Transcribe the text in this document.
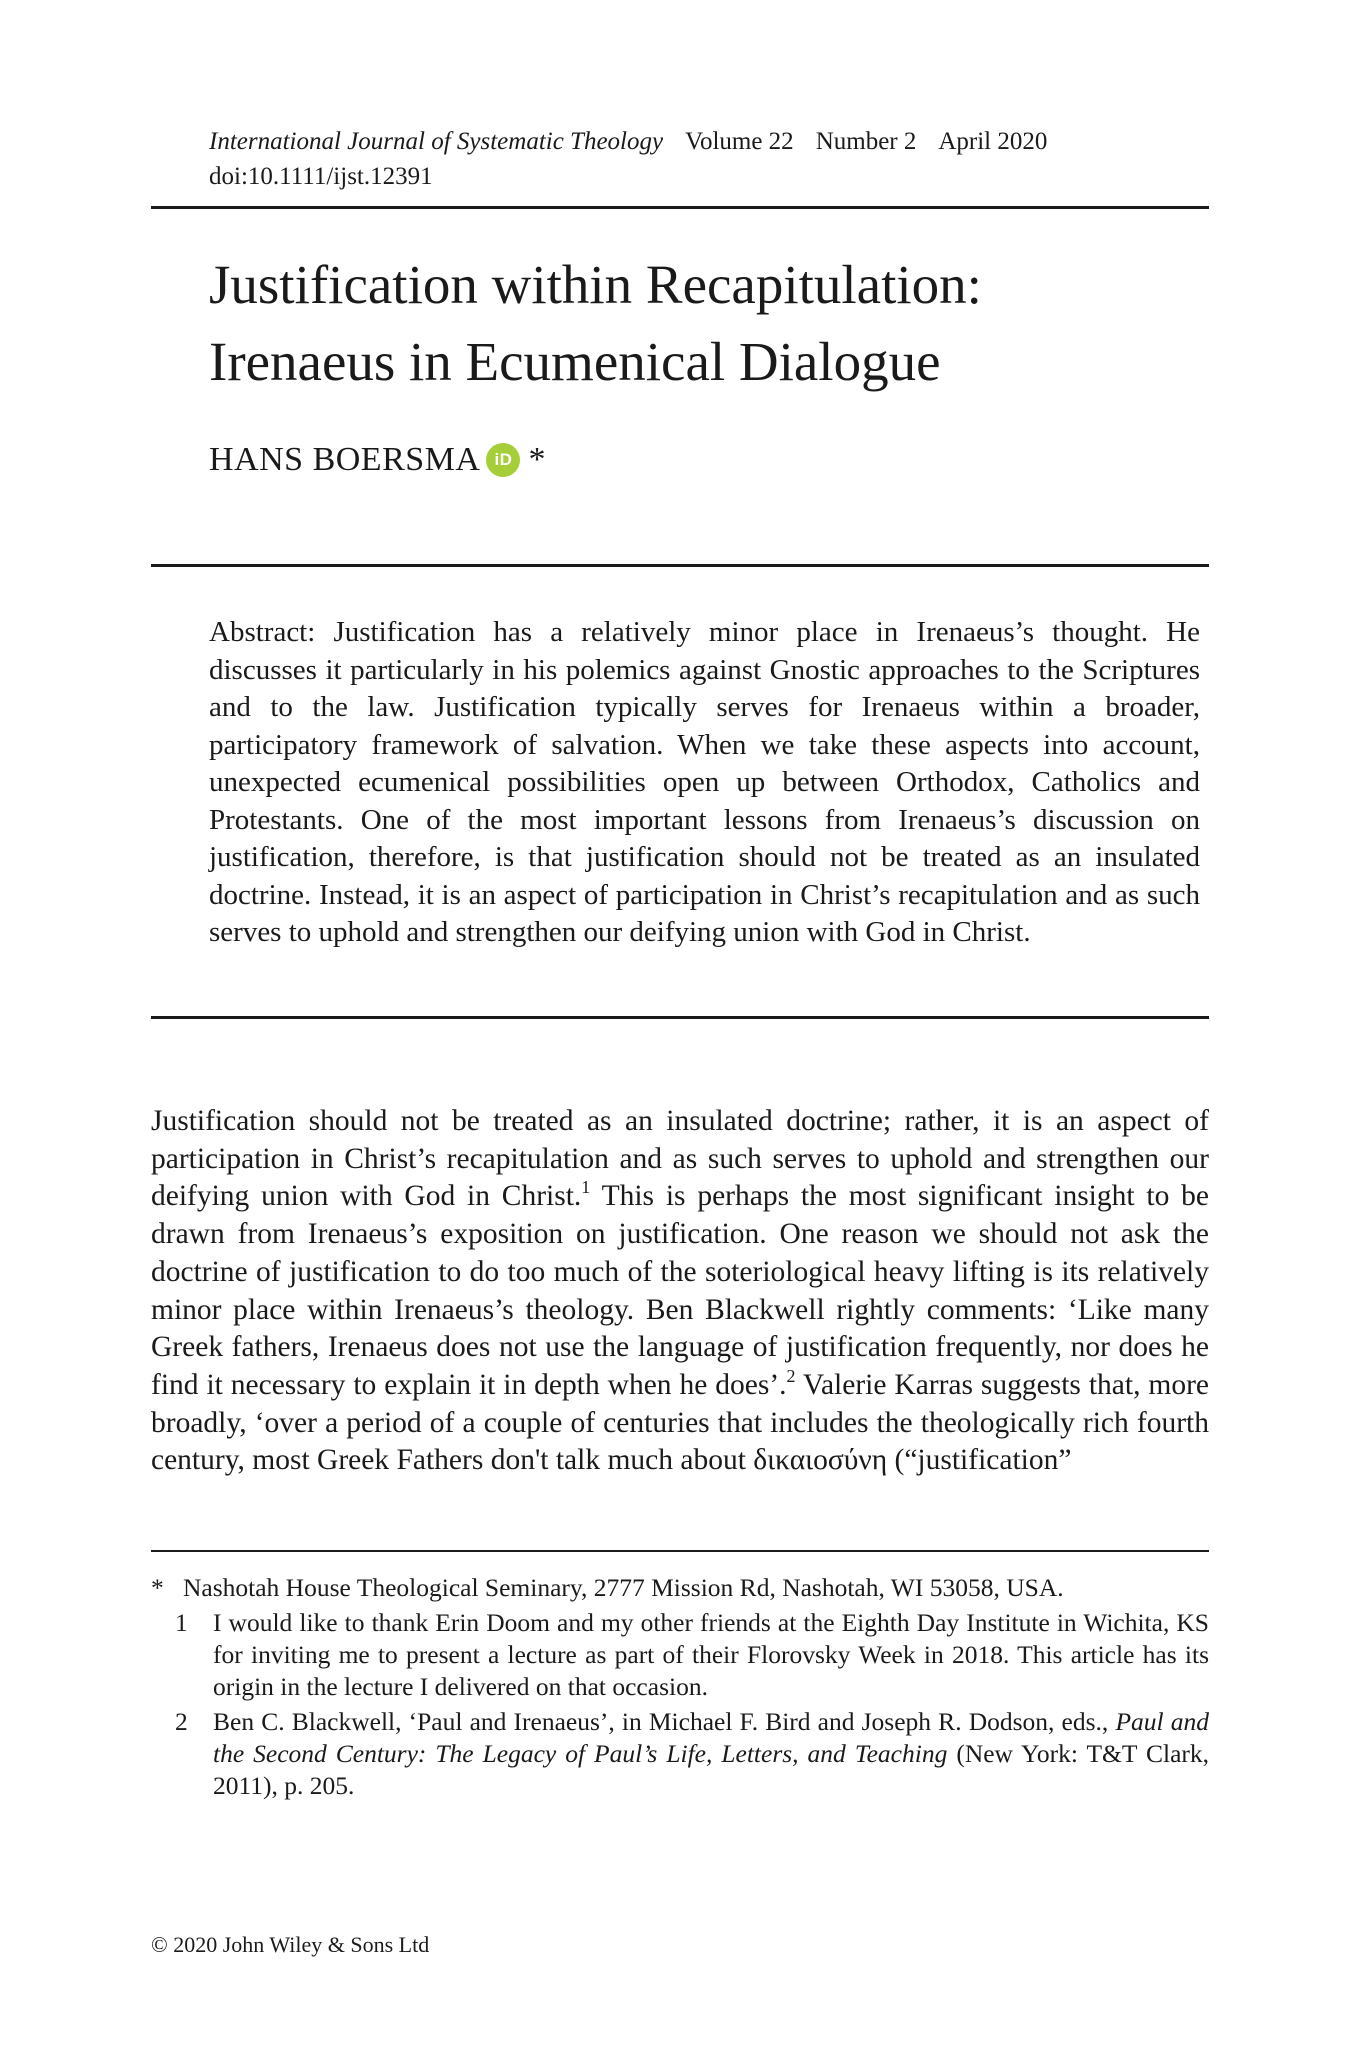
International Journal of Systematic Theology Volume 22 Number 2 April 2020
doi:10.1111/ijst.12391
Justification within Recapitulation:
Irenaeus in Ecumenical Dialogue
HANS BOERSMA iD *

Abstract: Justification has a relatively minor place in Irenaeus’s thought. He discusses it particularly in his polemics against Gnostic approaches to the Scriptures and to the law. Justification typically serves for Irenaeus within a broader, participatory framework of salvation. When we take these aspects into account, unexpected ecumenical possibilities open up between Orthodox, Catholics and Protestants. One of the most important lessons from Irenaeus’s discussion on justification, therefore, is that justification should not be treated as an insulated doctrine. Instead, it is an aspect of participation in Christ’s recapitulation and as such serves to uphold and strengthen our deifying union with God in Christ.

Justification should not be treated as an insulated doctrine; rather, it is an aspect of participation in Christ’s recapitulation and as such serves to uphold and strengthen our deifying union with God in Christ.$^1$ This is perhaps the most significant insight to be drawn from Irenaeus’s exposition on justification. One reason we should not ask the doctrine of justification to do too much of the soteriological heavy lifting is its relatively minor place within Irenaeus’s theology. Ben Blackwell rightly comments: ‘Like many Greek fathers, Irenaeus does not use the language of justification frequently, nor does he find it necessary to explain it in depth when he does’.$^2$ Valerie Karras suggests that, more broadly, ‘over a period of a couple of centuries that includes the theologically rich fourth century, most Greek Fathers don't talk much about δικαιοσύνη (“justification”

* Nashotah House Theological Seminary, 2777 Mission Rd, Nashotah, WI 53058, USA.

1 I would like to thank Erin Doom and my other friends at the Eighth Day Institute in Wichita, KS for inviting me to present a lecture as part of their Florovsky Week in 2018. This article has its origin in the lecture I delivered on that occasion.

2 Ben C. Blackwell, ‘Paul and Irenaeus’, in Michael F. Bird and Joseph R. Dodson, eds., Paul and the Second Century: The Legacy of Paul’s Life, Letters, and Teaching (New York: T&T Clark, 2011), p. 205.

© 2020 John Wiley & Sons Ltd
